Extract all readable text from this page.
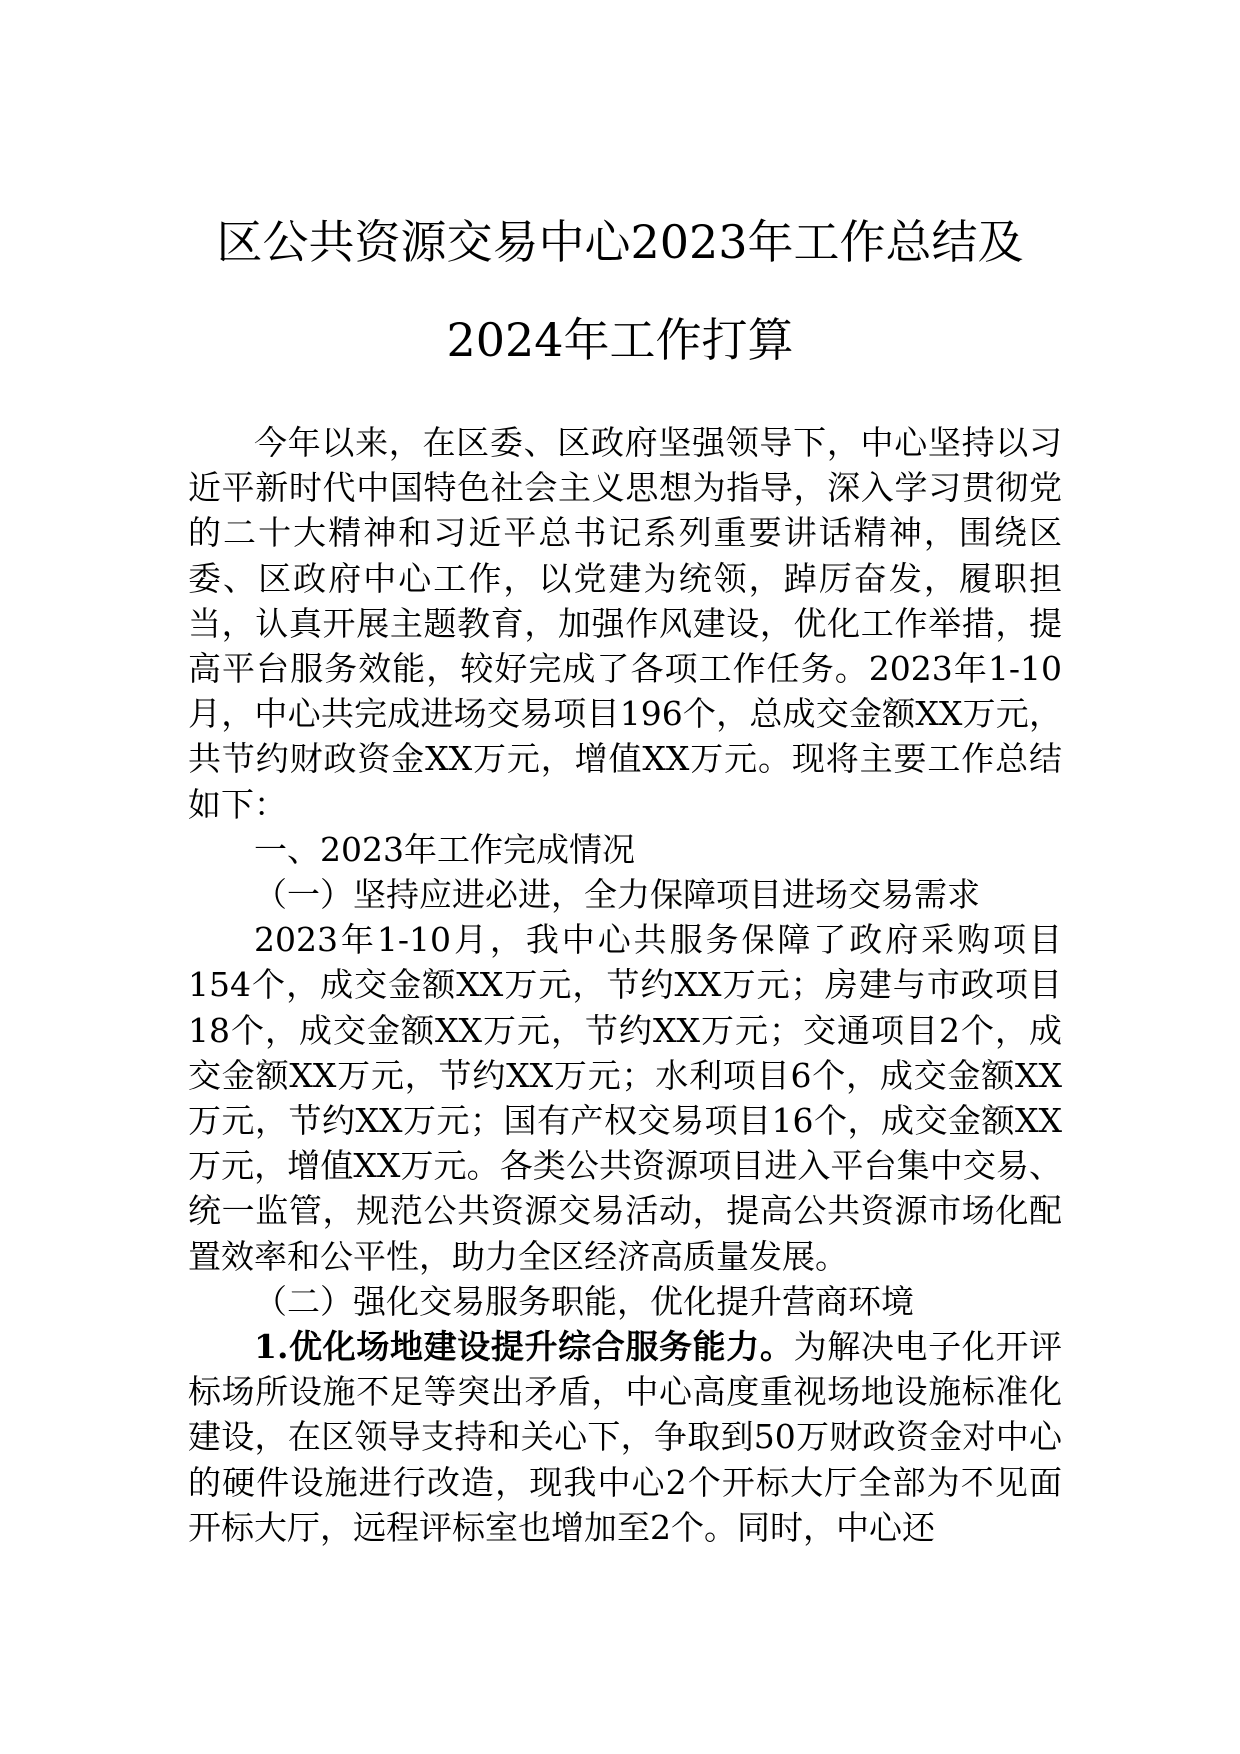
区公共资源交易中心2023年工作总结及
2024年工作打算

今年以来，在区委、区政府坚强领导下，中心坚持以习近平新时代中国特色社会主义思想为指导，深入学习贯彻党的二十大精神和习近平总书记系列重要讲话精神，围绕区委、区政府中心工作，以党建为统领，踔厉奋发，履职担当，认真开展主题教育，加强作风建设，优化工作举措，提高平台服务效能，较好完成了各项工作任务。2023年1-10月，中心共完成进场交易项目196个，总成交金额XX万元，共节约财政资金XX万元，增值XX万元。现将主要工作总结如下：

一、2023年工作完成情况

（一）坚持应进必进，全力保障项目进场交易需求

2023年1-10月，我中心共服务保障了政府采购项目154个，成交金额XX万元，节约XX万元；房建与市政项目18个，成交金额XX万元，节约XX万元；交通项目2个，成交金额XX万元，节约XX万元；水利项目6个，成交金额XX万元，节约XX万元；国有产权交易项目16个，成交金额XX万元，增值XX万元。各类公共资源项目进入平台集中交易、统一监管，规范公共资源交易活动，提高公共资源市场化配置效率和公平性，助力全区经济高质量发展。

（二）强化交易服务职能，优化提升营商环境

1.优化场地建设提升综合服务能力。为解决电子化开评标场所设施不足等突出矛盾，中心高度重视场地设施标准化建设，在区领导支持和关心下，争取到50万财政资金对中心的硬件设施进行改造，现我中心2个开标大厅全部为不见面开标大厅，远程评标室也增加至2个。同时，中心还
